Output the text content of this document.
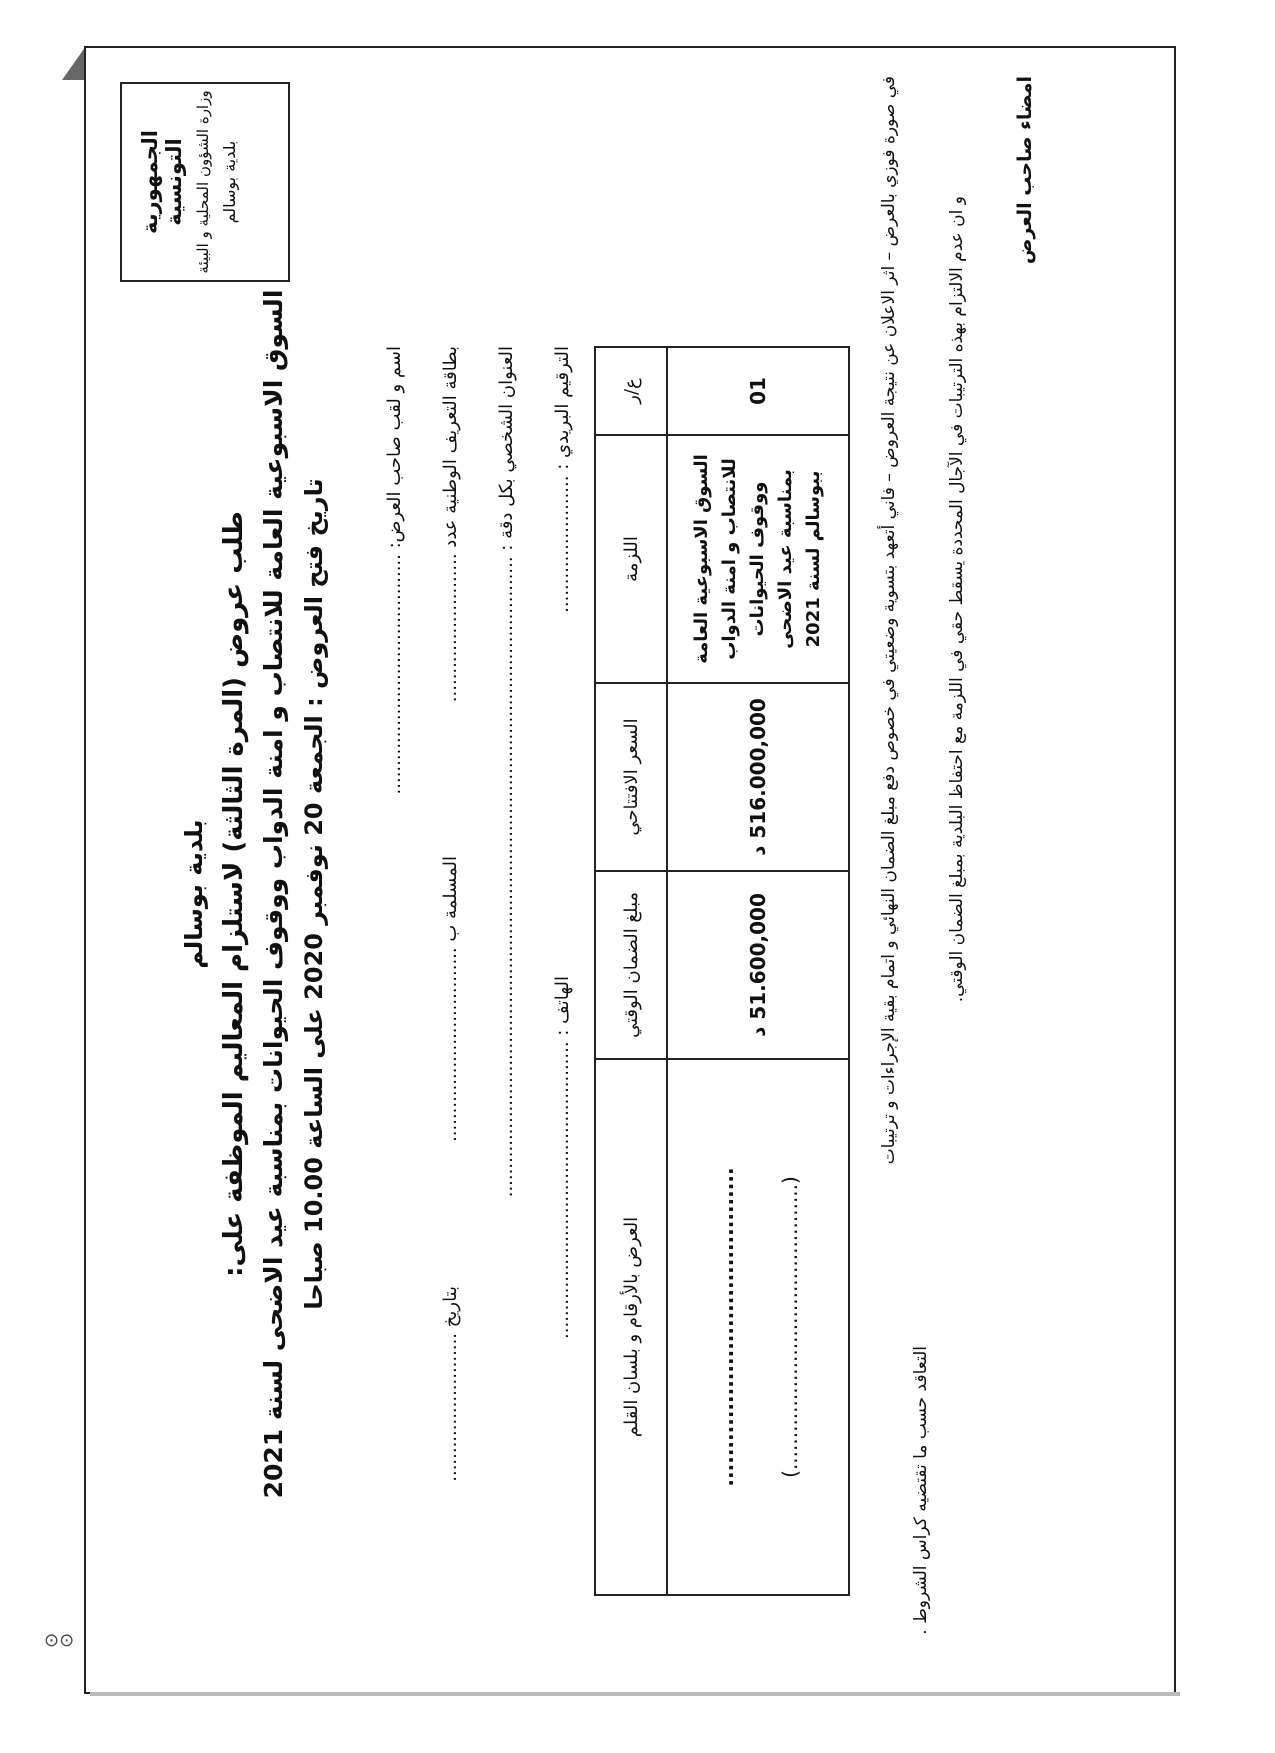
⊙⊙
الجمهورية التونسية وزارة الشؤون المحلية و البيئة بلدية بوسالم
بلدية بوسالم طلب عروض (المرة الثالثة) لاستلزام المعاليم الموظفة على:
السوق الاسبوعية العامة للانتصاب و امنة الدواب ووقوف الحيوانات بمناسبة عيد الاضحى لسنة 2021 تاريخ فتح العروض : الجمعة 20 نوفمبر 2020 على الساعة 10.00 صباحا
اسم و لقب صاحب العرض: ..........................................
بطاقة التعريف الوطنية عدد ..........................
المسلمة ب ..................................
بتاريخ ..........................
العنوان الشخصي بكل دقة : ................................................................................................................
الترقيم البريدي : ........................
الهاتف : ....................................................
ع/ر	اللزمة	السعر الافتتاحي	مبلغ الضمان الوقتي	العرض بالأرقام و بلسان القلم
01	السوق الاسبوعية العامة للانتصاب و امنة الدواب ووقوف الحيوانات بمناسبة عيد الاضحى ببوسالم لسنة 2021	516.000,000 د	51.600,000 د	.......................................... (.............................................)
في صورة فوزي بالعرض – اثر الاعلان عن نتيجة العروض – فاني أتعهد بتسوية وضعيتي في خصوص دفع مبلغ الضمان النهائي و اتمام بقية الإجراءات و ترتيبات
التعاقد حسب ما تقتضيه كراس الشروط .
و ان عدم الالتزام بهذه الترتيبات في الآجال المحددة يسقط حقي في اللزمة مع احتفاظ البلدية بمبلغ الضمان الوقتي.
امضاء صاحب العرض
